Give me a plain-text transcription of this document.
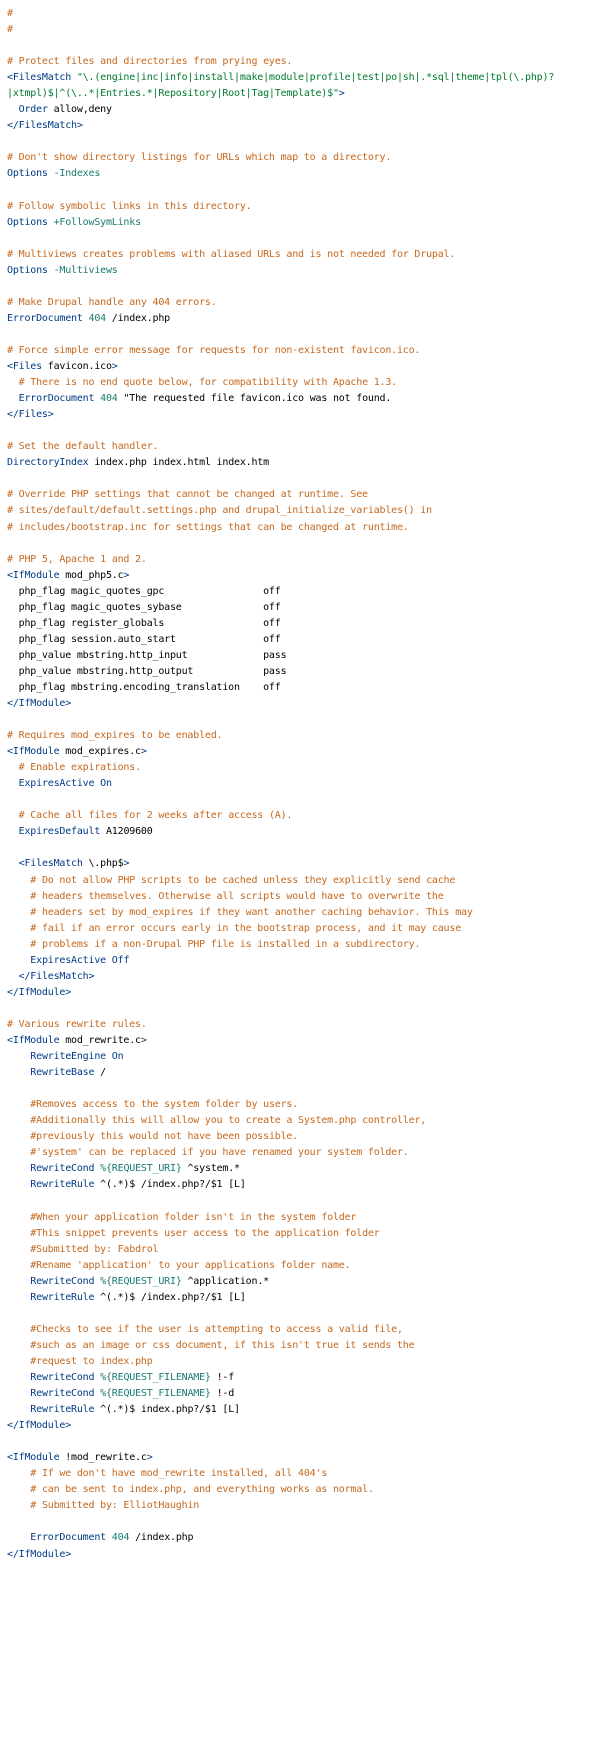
#
#

# Protect files and directories from prying eyes.
<FilesMatch "\.(engine|inc|info|install|make|module|profile|test|po|sh|.*sql|theme|tpl(\.php)?
|xtmpl)$|^(\..*|Entries.*|Repository|Root|Tag|Template)$">
Order allow,deny
</FilesMatch>

# Don't show directory listings for URLs which map to a directory.
Options -Indexes

# Follow symbolic links in this directory.
Options +FollowSymLinks

# Multiviews creates problems with aliased URLs and is not needed for Drupal.
Options -Multiviews

# Make Drupal handle any 404 errors.
ErrorDocument 404 /index.php

# Force simple error message for requests for non-existent favicon.ico.
<Files favicon.ico>
# There is no end quote below, for compatibility with Apache 1.3.
ErrorDocument 404 "The requested file favicon.ico was not found.
</Files>

# Set the default handler.
DirectoryIndex index.php index.html index.htm

# Override PHP settings that cannot be changed at runtime. See
# sites/default/default.settings.php and drupal_initialize_variables() in
# includes/bootstrap.inc for settings that can be changed at runtime.

# PHP 5, Apache 1 and 2.
<IfModule mod_php5.c>
php_flag magic_quotes_gpc                 off
php_flag magic_quotes_sybase              off
php_flag register_globals                 off
php_flag session.auto_start               off
php_value mbstring.http_input             pass
php_value mbstring.http_output            pass
php_flag mbstring.encoding_translation    off
</IfModule>

# Requires mod_expires to be enabled.
<IfModule mod_expires.c>
# Enable expirations.
ExpiresActive On

# Cache all files for 2 weeks after access (A).
ExpiresDefault A1209600

<FilesMatch \.php$>
# Do not allow PHP scripts to be cached unless they explicitly send cache
# headers themselves. Otherwise all scripts would have to overwrite the
# headers set by mod_expires if they want another caching behavior. This may
# fail if an error occurs early in the bootstrap process, and it may cause
# problems if a non-Drupal PHP file is installed in a subdirectory.
ExpiresActive Off
</FilesMatch>
</IfModule>

# Various rewrite rules.
<IfModule mod_rewrite.c>
RewriteEngine On
RewriteBase /

#Removes access to the system folder by users.
#Additionally this will allow you to create a System.php controller,
#previously this would not have been possible.
#'system' can be replaced if you have renamed your system folder.
RewriteCond %{REQUEST_URI} ^system.*
RewriteRule ^(.*)$ /index.php?/$1 [L]

#When your application folder isn't in the system folder
#This snippet prevents user access to the application folder
#Submitted by: Fabdrol
#Rename 'application' to your applications folder name.
RewriteCond %{REQUEST_URI} ^application.*
RewriteRule ^(.*)$ /index.php?/$1 [L]

#Checks to see if the user is attempting to access a valid file,
#such as an image or css document, if this isn't true it sends the
#request to index.php
RewriteCond %{REQUEST_FILENAME} !-f
RewriteCond %{REQUEST_FILENAME} !-d
RewriteRule ^(.*)$ index.php?/$1 [L]
</IfModule>

<IfModule !mod_rewrite.c>
# If we don't have mod_rewrite installed, all 404's
# can be sent to index.php, and everything works as normal.
# Submitted by: ElliotHaughin

ErrorDocument 404 /index.php
</IfModule>
